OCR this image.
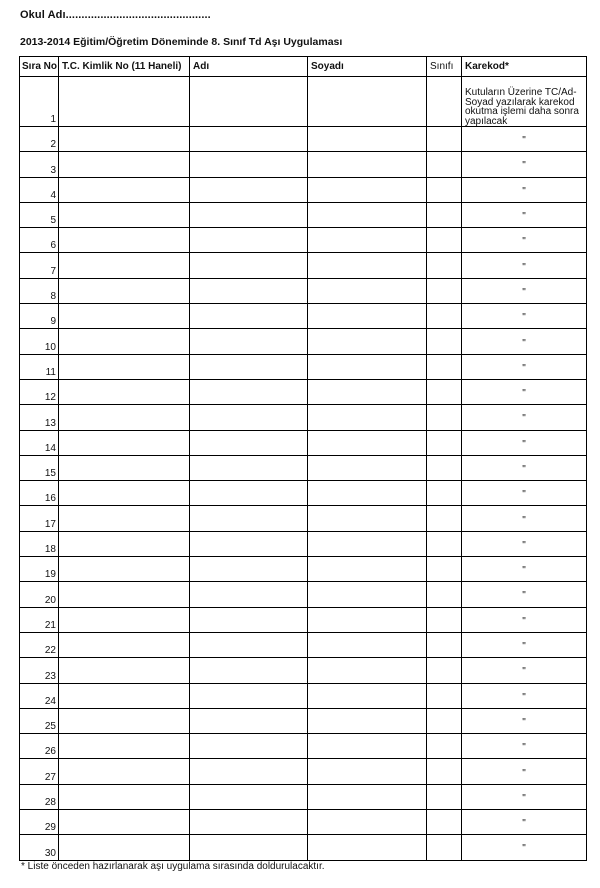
Okul Adı..............................................
2013-2014 Eğitim/Öğretim Döneminde 8. Sınıf Td Aşı Uygulaması
Sıra No	T.C. Kimlik No (11 Haneli)	Adı	Soyadı	Sınıfı	Karekod*
1					Kutuların Üzerine TC/Ad-Soyad yazılarak karekod okutma işlemi daha sonra yapılacak
2					"
3					"
4					"
5					"
6					"
7					"
8					"
9					"
10					"
11					"
12					"
13					"
14					"
15					"
16					"
17					"
18					"
19					"
20					"
21					"
22					"
23					"
24					"
25					"
26					"
27					"
28					"
29					"
30					"
* Liste önceden hazırlanarak aşı uygulama sırasında doldurulacaktır.
